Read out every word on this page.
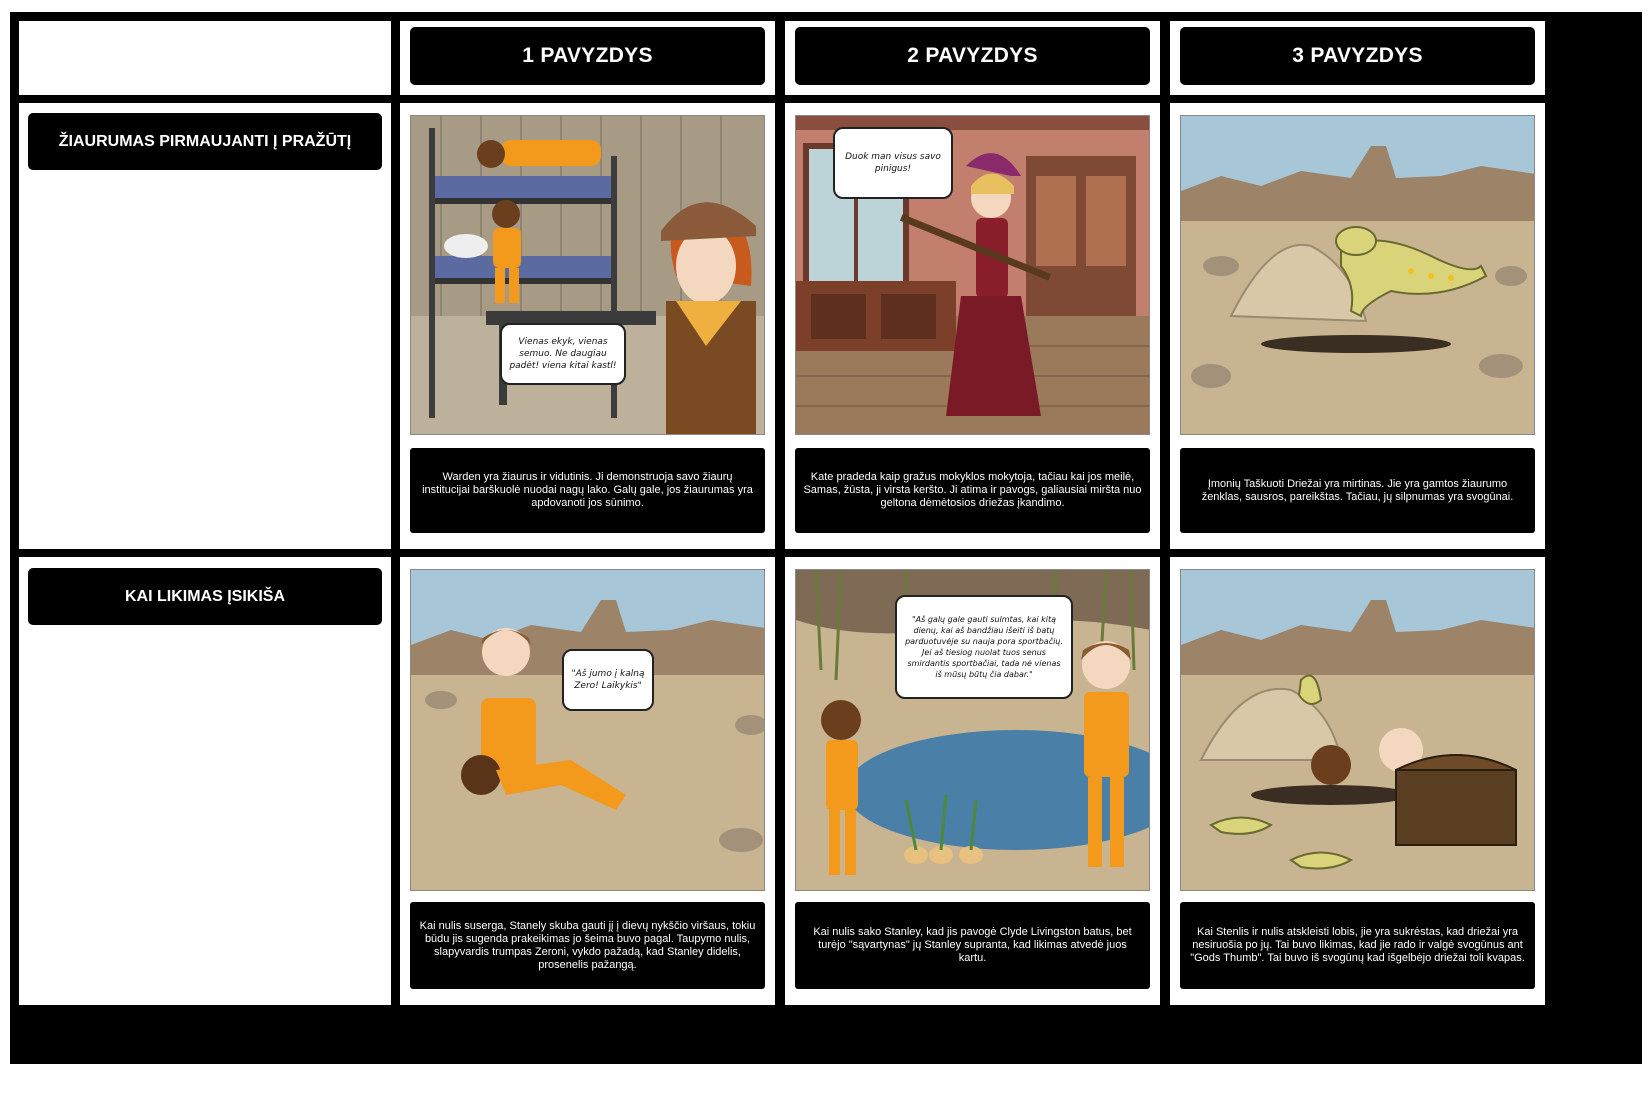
1 PAVYZDYS	2 PAVYZDYS	3 PAVYZDYS
ŽIAURUMAS PIRMAUJANTI Į PRAŽŪTĮ
Vienas ekyk, vienas semuo. Ne daugiau padėt! viena kitai kastl!
Warden yra žiaurus ir vidutinis. Ji demonstruoja savo žiaurų institucijai barškuolė nuodai nagų lako. Galų gale, jos žiaurumas yra apdovanoti jos sūnimo.
Duok man visus savo pinigus!
Kate pradeda kaip gražus mokyklos mokytoja, tačiau kai jos meilė, Samas, žūsta, ji virsta keršto. Ji atima ir pavogs, galiausiai miršta nuo geltona dėmėtosios driežas įkandimo.
Įmonių Taškuoti Driežai yra mirtinas. Jie yra gamtos žiaurumo ženklas, sausros, pareikštas. Tačiau, jų silpnumas yra svogūnai.
KAI LIKIMAS ĮSIKIŠA
"Aš jumo į kalną Zero! Laikykis"
Kai nulis suserga, Stanely skuba gauti jį į dievų nykščio viršaus, tokiu būdu jis sugenda prakeikimas jo šeima buvo pagal. Taupymo nulis, slapyvardis trumpas Zeroni, vykdo pažadą, kad Stanley didelis, prosenelis pažangą.
"Aš galų gale gauti sulmtas, kai kitą dienų, kai aš bandžiau išeiti iš batų parduotuvėje su nauja pora sportbačių. Jei aš tiesiog nuolat tuos senus smirdantis sportbačiai, tada nė vienas iš mūsų būtų čia dabar."
Kai nulis sako Stanley, kad jis pavogė Clyde Livingston batus, bet turėjo "sąvartynas" jų Stanley supranta, kad likimas atvedė juos kartu.
Kai Stenlis ir nulis atskleisti lobis, jie yra sukrėstas, kad driežai yra nesiruošia po jų. Tai buvo likimas, kad jie rado ir valgė svogūnus ant "Gods Thumb". Tai buvo iš svogūnų kad išgelbėjo driežai toli kvapas.
Create your own at Storyboard That
